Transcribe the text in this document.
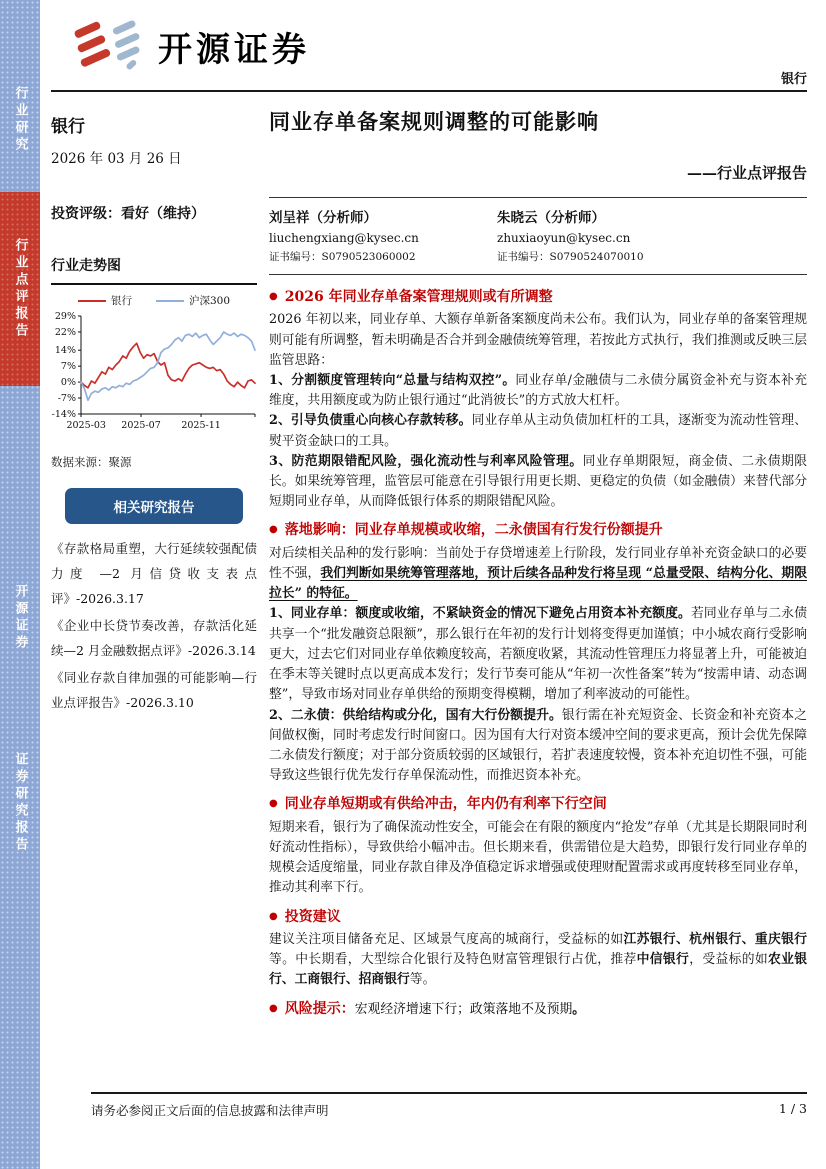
行业研究
行业点评报告
开源证券
证券研究报告
开源证券
银行
银行

2026 年 03 月 26 日

投资评级：看好（维持）

行业走势图
银行	沪深300
29%
22%
14%
7%
0%
-7%
-14%
2025-03 2025-07 2025-11

数据来源：聚源

相关研究报告

《存款格局重塑，大行延续较强配债力度 —2 月信贷收支表点评》-2026.3.17

《企业中长贷节奏改善，存款活化延续—2 月金融数据点评》-2026.3.14

《同业存款自律加强的可能影响—行业点评报告》-2026.3.10

同业存单备案规则调整的可能影响

——行业点评报告

刘呈祥（分析师）

liuchengxiang@kysec.cn

证书编号：S0790523060002

朱晓云（分析师）

zhuxiaoyun@kysec.cn

证书编号：S0790524070010

● 2026 年同业存单备案管理规则或有所调整

2026 年初以来，同业存单、大额存单新备案额度尚未公布。我们认为，同业存单的备案管理规则可能有所调整，暂未明确是否合并到金融债统筹管理，若按此方式执行，我们推测或反映三层监管思路：

1、分割额度管理转向“总量与结构双控”。同业存单/金融债与二永债分属资金补充与资本补充维度，共用额度或为防止银行通过“此消彼长”的方式放大杠杆。

2、引导负债重心向核心存款转移。同业存单从主动负债加杠杆的工具，逐渐变为流动性管理、熨平资金缺口的工具。

3、防范期限错配风险，强化流动性与利率风险管理。同业存单期限短，商金债、二永债期限长。如果统筹管理，监管层可能意在引导银行用更长期、更稳定的负债（如金融债）来替代部分短期同业存单，从而降低银行体系的期限错配风险。

● 落地影响：同业存单规模或收缩，二永债国有行发行份额提升

对后续相关品种的发行影响：当前处于存贷增速差上行阶段，发行同业存单补充资金缺口的必要性不强，我们判断如果统筹管理落地，预计后续各品种发行将呈现 “总量受限、结构分化、期限拉长” 的特征。

1、同业存单：额度或收缩，不紧缺资金的情况下避免占用资本补充额度。若同业存单与二永债共享一个“批发融资总限额”，那么银行在年初的发行计划将变得更加谨慎；中小城农商行受影响更大，过去它们对同业存单依赖度较高，若额度收紧，其流动性管理压力将显著上升，可能被迫在季末等关键时点以更高成本发行；发行节奏可能从“年初一次性备案”转为“按需申请、动态调整”，导致市场对同业存单供给的预期变得模糊，增加了利率波动的可能性。

2、二永债：供给结构或分化，国有大行份额提升。银行需在补充短资金、长资金和补充资本之间做权衡，同时考虑发行时间窗口。因为国有大行对资本缓冲空间的要求更高，预计会优先保障二永债发行额度；对于部分资质较弱的区域银行，若扩表速度较慢，资本补充迫切性不强，可能导致这些银行优先发行存单保流动性，而推迟资本补充。

● 同业存单短期或有供给冲击，年内仍有利率下行空间

短期来看，银行为了确保流动性安全，可能会在有限的额度内“抢发”存单（尤其是长期限同时利好流动性指标），导致供给小幅冲击。但长期来看，供需错位是大趋势，即银行发行同业存单的规模会适度缩量，同业存款自律及净值稳定诉求增强或使理财配置需求或再度转移至同业存单，推动其利率下行。

● 投资建议

建议关注项目储备充足、区域景气度高的城商行，受益标的如江苏银行、杭州银行、重庆银行等。中长期看，大型综合化银行及特色财富管理银行占优，推荐中信银行，受益标的如农业银行、工商银行、招商银行等。

● 风险提示：宏观经济增速下行；政策落地不及预期。

请务必参阅正文后面的信息披露和法律声明	1 / 3
